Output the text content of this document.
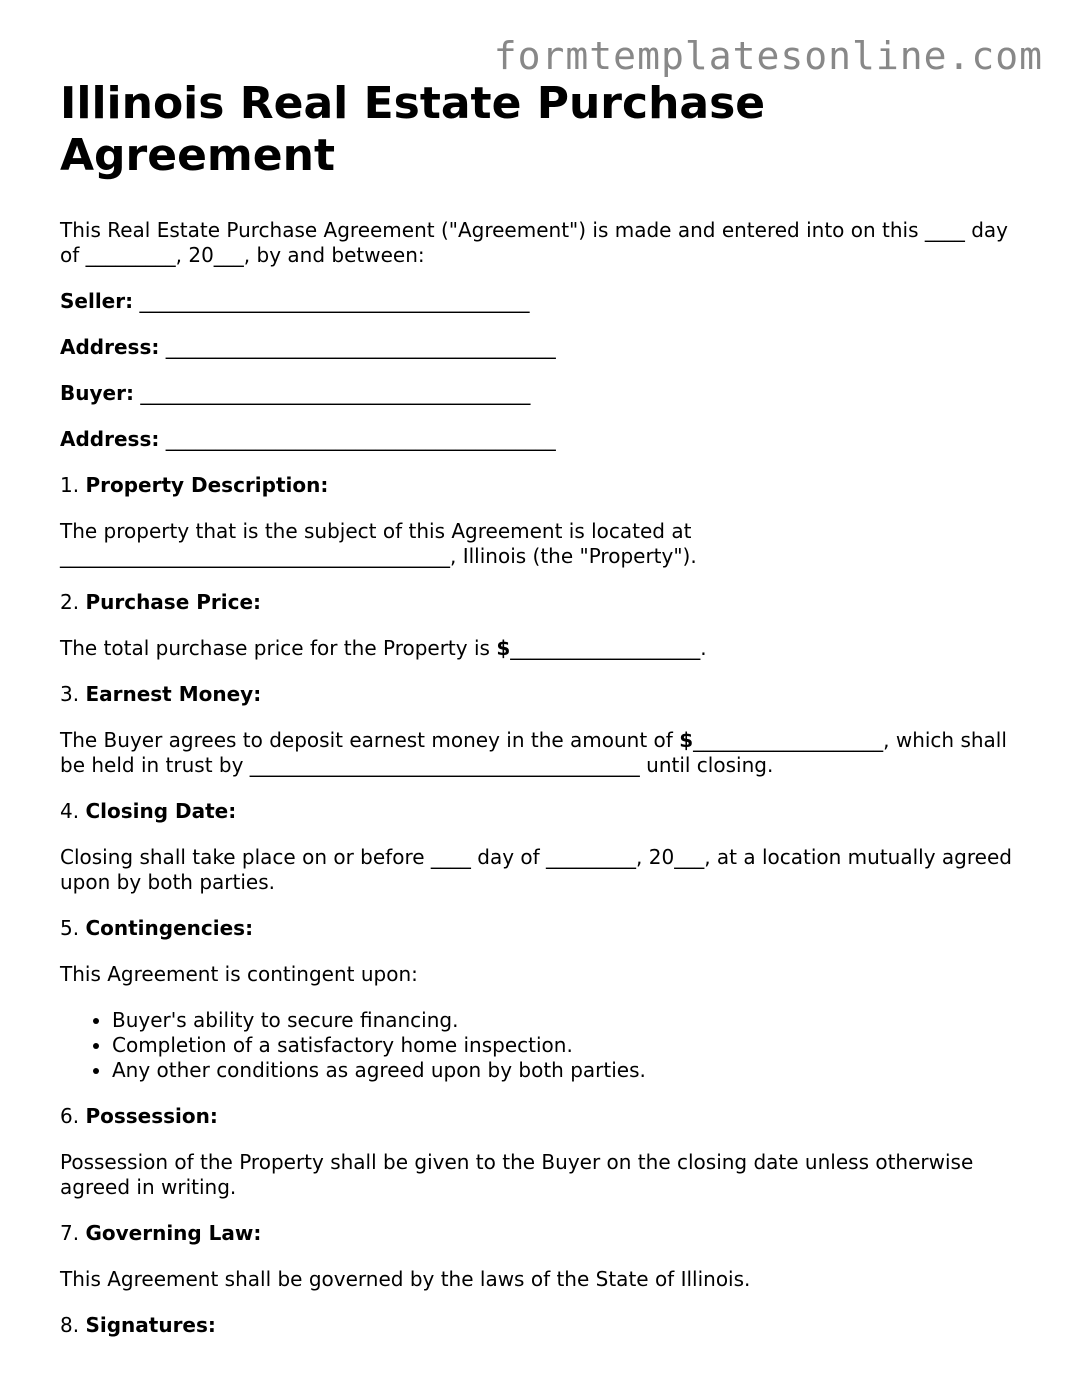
formtemplatesonline.com
Illinois Real Estate Purchase Agreement

This Real Estate Purchase Agreement ("Agreement") is made and entered into on this ____ day of _________, 20___, by and between:

Seller: _______________________________________

Address: _______________________________________

Buyer: _______________________________________

Address: _______________________________________

1. Property Description:

The property that is the subject of this Agreement is located at
_______________________________________, Illinois (the "Property").

2. Purchase Price:

The total purchase price for the Property is $___________________.

3. Earnest Money:

The Buyer agrees to deposit earnest money in the amount of $___________________, which shall be held in trust by _______________________________________ until closing.

4. Closing Date:

Closing shall take place on or before ____ day of _________, 20___, at a location mutually agreed upon by both parties.

5. Contingencies:

This Agreement is contingent upon:

• Buyer's ability to secure financing.
• Completion of a satisfactory home inspection.
• Any other conditions as agreed upon by both parties.

6. Possession:

Possession of the Property shall be given to the Buyer on the closing date unless otherwise agreed in writing.

7. Governing Law:

This Agreement shall be governed by the laws of the State of Illinois.

8. Signatures:
